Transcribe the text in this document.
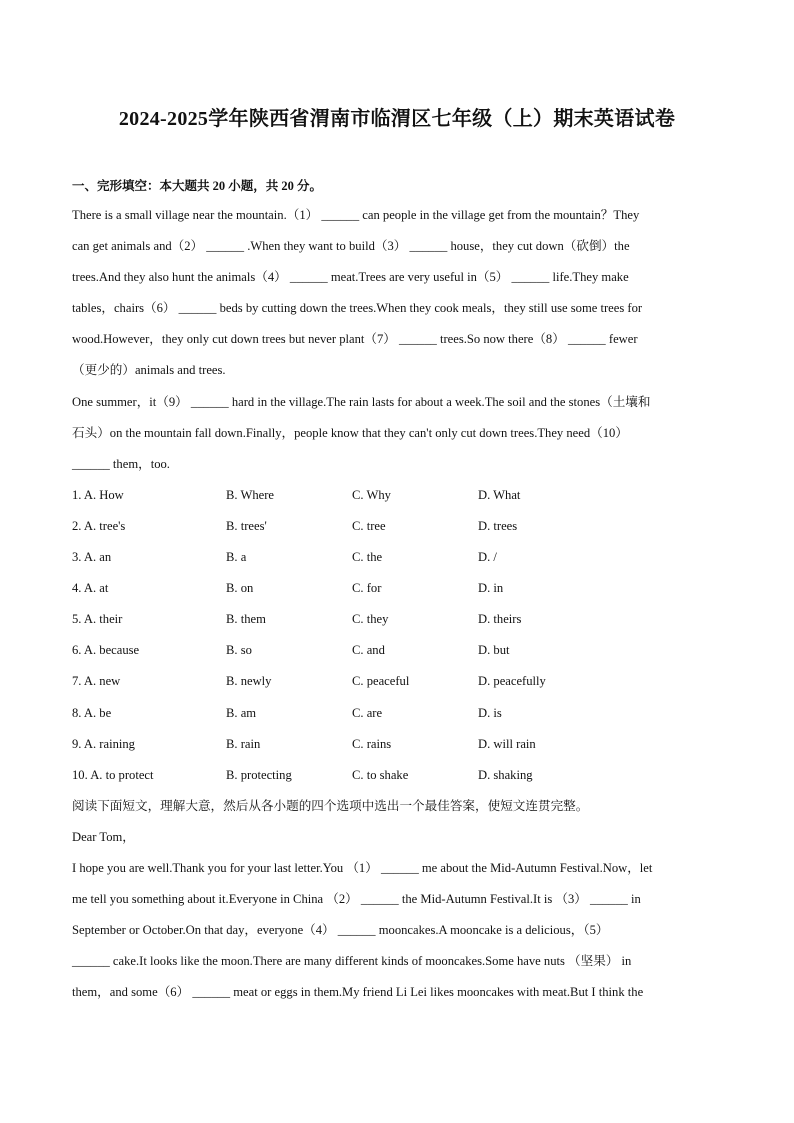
2024-2025学年陕西省渭南市临渭区七年级（上）期末英语试卷
一、完形填空：本大题共 20 小题，共 20 分。

There is a small village near the mountain.（1） ______ can people in the village get from the mountain？They

can get animals and（2） ______ .When they want to build（3） ______ house，they cut down（砍倒）the

trees.And they also hunt the animals（4） ______ meat.Trees are very useful in（5） ______ life.They make

tables，chairs（6） ______ beds by cutting down the trees.When they cook meals，they still use some trees for

wood.However，they only cut down trees but never plant（7） ______ trees.So now there（8） ______ fewer

（更少的）animals and trees.

One summer，it（9） ______ hard in the village.The rain lasts for about a week.The soil and the stones（土壤和

石头）on the mountain fall down.Finally，people know that they can't only cut down trees.They need（10）

______ them，too.

1. A. How	B. Where	C. Why	D. What
2. A. tree's	B. trees'	C. tree	D. trees
3. A. an	B. a	C. the	D. /
4. A. at	B. on	C. for	D. in
5. A. their	B. them	C. they	D. theirs
6. A. because	B. so	C. and	D. but
7. A. new	B. newly	C. peaceful	D. peacefully
8. A. be	B. am	C. are	D. is
9. A. raining	B. rain	C. rains	D. will rain
10. A. to protect	B. protecting	C. to shake	D. shaking

阅读下面短文，理解大意，然后从各小题的四个选项中选出一个最佳答案，使短文连贯完整。

Dear Tom，

I hope you are well.Thank you for your last letter.You （1） ______ me about the Mid-Autumn Festival.Now，let

me tell you something about it.Everyone in China （2） ______ the Mid-Autumn Festival.It is （3） ______ in

September or October.On that day，everyone（4） ______ mooncakes.A mooncake is a delicious，（5）

______ cake.It looks like the moon.There are many different kinds of mooncakes.Some have nuts （坚果） in

them，and some（6） ______ meat or eggs in them.My friend Li Lei likes mooncakes with meat.But I think the
